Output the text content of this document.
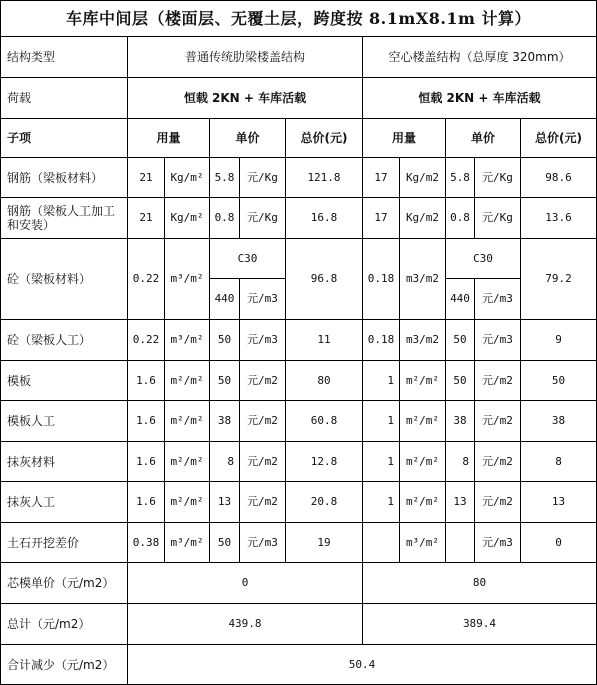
车库中间层（楼面层、无覆土层，跨度按 8.1mX8.1m 计算）										
结构类型	普通传统肋梁楼盖结构					空心楼盖结构（总厚度 320mm）				
荷载	恒载 2KN + 车库活载					恒载 2KN + 车库活载				
子项	用量		单价		总价(元)	用量		单价		总价(元)
钢筋（梁板材料）	21	Kg/m²	5.8	元/Kg	121.8	17	Kg/m2	5.8	元/Kg	98.6
钢筋（梁板人工加工和安装）	21	Kg/m²	0.8	元/Kg	16.8	17	Kg/m2	0.8	元/Kg	13.6
砼（梁板材料）	0.22	m³/m²	C30		96.8	0.18	m3/m2	C30		79.2
			440	元/m3				440	元/m3	
砼（梁板人工）	0.22	m³/m²	50	元/m3	11	0.18	m3/m2	50	元/m3	9
模板	1.6	m²/m²	50	元/m2	80	1	m²/m²	50	元/m2	50
模板人工	1.6	m²/m²	38	元/m2	60.8	1	m²/m²	38	元/m2	38
抹灰材料	1.6	m²/m²	8	元/m2	12.8	1	m²/m²	8	元/m2	8
抹灰人工	1.6	m²/m²	13	元/m2	20.8	1	m²/m²	13	元/m2	13
土石开挖差价	0.38	m³/m²	50	元/m3	19		m³/m²		元/m3	0
芯模单价（元/m2）	0					80				
总计（元/m2）	439.8					389.4				
合计减少（元/m2）	50.4									
